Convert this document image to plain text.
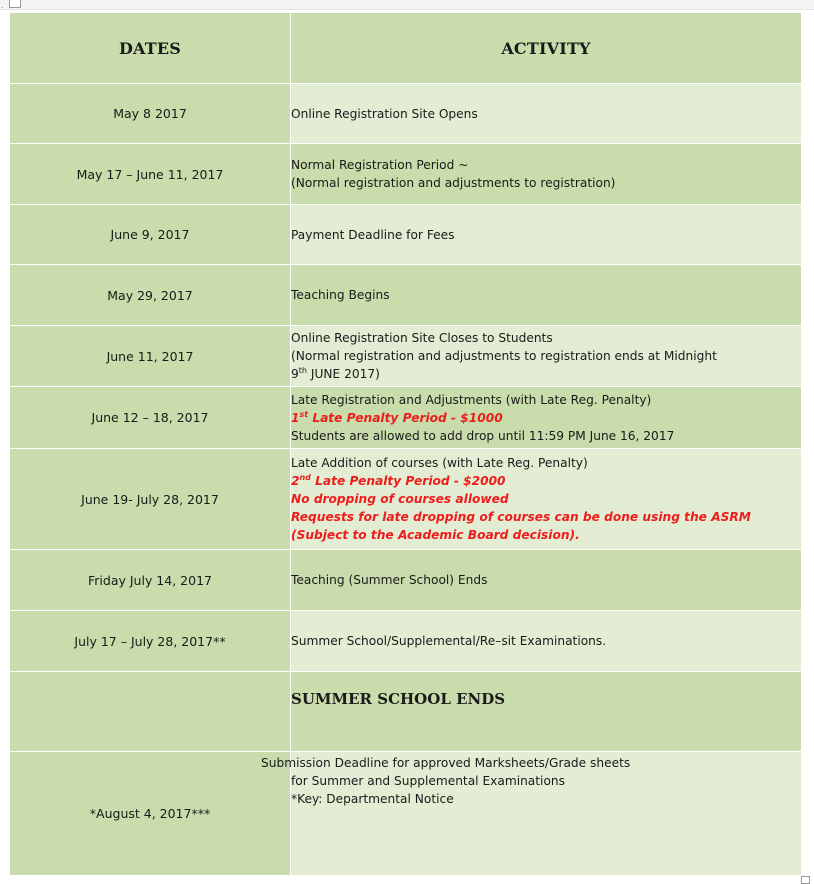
.
DATES	ACTIVITY
May 8 2017	Online Registration Site Opens
May 17 – June 11, 2017	Normal Registration Period ~
(Normal registration and adjustments to registration)

June 9, 2017	Payment Deadline for Fees
May 29, 2017	Teaching Begins
June 11, 2017	Online Registration Site Closes to Students
(Normal registration and adjustments to registration ends at Midnight
9th JUNE 2017)

June 12 – 18, 2017	Late Registration and Adjustments (with Late Reg. Penalty)
1st Late Penalty Period - $1000
Students are allowed to add drop until 11:59 PM June 16, 2017

June 19- July 28, 2017	Late Addition of courses (with Late Reg. Penalty)
2nd Late Penalty Period - $2000
No dropping of courses allowed
Requests for late dropping of courses can be done using the ASRM
(Subject to the Academic Board decision).

Friday July 14, 2017	Teaching (Summer School) Ends
July 17 – July 28, 2017**	Summer School/Supplemental/Re–sit Examinations.
	SUMMER SCHOOL ENDS
*August 4, 2017***	Submission Deadline for approved Marksheets/Grade sheets
for Summer and Supplemental Examinations
*Key: Departmental Notice
